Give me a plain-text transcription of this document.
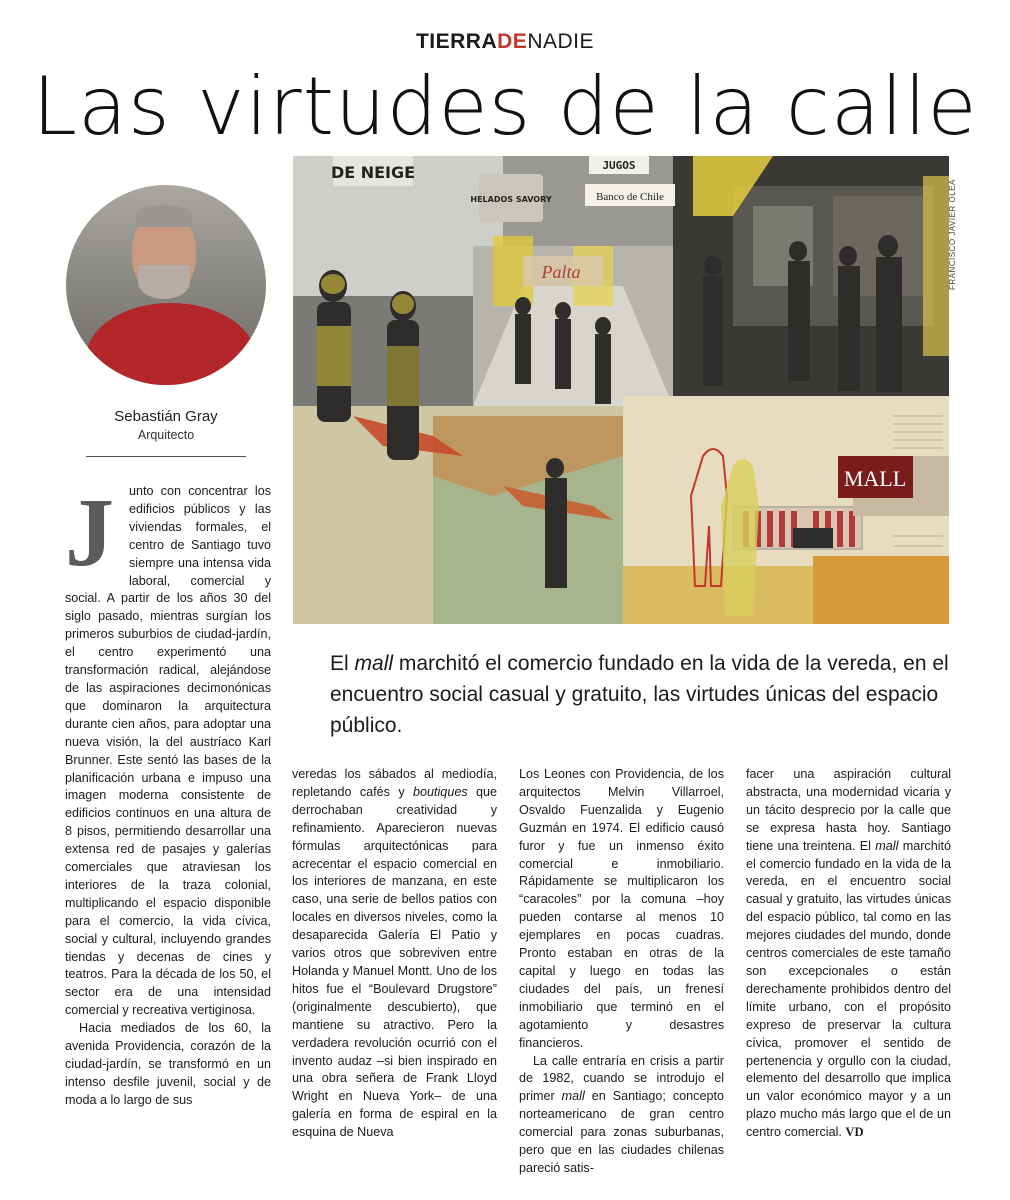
TIERRADENADIE
Las virtudes de la calle
Sebastián Gray
Arquitecto
MALL
DE NEIGE	JUGOS
HELADOS SAVORY	Banco de Chile
Palta	FRANCISCO JAVIER OLEA
El mall marchitó el comercio fundado en la vida de la vereda, en el encuentro social casual y gratuito, las virtudes únicas del espacio público.

J	unto con concentrar los edificios públicos y las viviendas formales, el centro de Santiago tuvo siempre una intensa vida laboral, comercial y social. A partir de los años 30 del siglo pasado, mientras surgían los primeros suburbios de ciudad-jardín, el centro experimentó una transformación radical, alejándose de las aspiraciones decimonónicas que dominaron la arquitectura durante cien años, para adoptar una nueva visión, la del austríaco Karl Brunner. Este sentó las bases de la planificación urbana e impuso una imagen moderna consistente de edificios continuos en una altura de 8 pisos, permitiendo desarrollar una extensa red de pasajes y galerías comerciales que atraviesan los interiores de la traza colonial, multiplicando el espacio disponible para el comercio, la vida cívica, social y cultural, incluyendo grandes tiendas y decenas de cines y teatros. Para la década de los 50, el sector era de una intensidad comercial y recreativa vertiginosa.

Hacia mediados de los 60, la avenida Providencia, corazón de la ciudad-jardín, se transformó en un intenso desfile juvenil, social y de moda a lo largo de sus

veredas los sábados al mediodía, repletando cafés y boutiques que derrochaban creatividad y refinamiento. Aparecieron nuevas fórmulas arquitectónicas para acrecentar el espacio comercial en los interiores de manzana, en este caso, una serie de bellos patios con locales en diversos niveles, como la desaparecida Galería El Patio y varios otros que sobreviven entre Holanda y Manuel Montt. Uno de los hitos fue el “Boulevard Drugstore” (originalmente descubierto), que mantiene su atractivo. Pero la verdadera revolución ocurrió con el invento audaz –si bien inspirado en una obra señera de Frank Lloyd Wright en Nueva York– de una galería en forma de espiral en la esquina de Nueva

Los Leones con Providencia, de los arquitectos Melvin Villarroel, Osvaldo Fuenzalida y Eugenio Guzmán en 1974. El edificio causó furor y fue un inmenso éxito comercial e inmobiliario. Rápidamente se multiplicaron los “caracoles” por la comuna –hoy pueden contarse al menos 10 ejemplares en pocas cuadras. Pronto estaban en otras de la capital y luego en todas las ciudades del país, un frenesí inmobiliario que terminó en el agotamiento y desastres financieros.

La calle entraría en crisis a partir de 1982, cuando se introdujo el primer mall en Santiago; concepto norteamericano de gran centro comercial para zonas suburbanas, pero que en las ciudades chilenas pareció satis-

facer una aspiración cultural abstracta, una modernidad vicaria y un tácito desprecio por la calle que se expresa hasta hoy. Santiago tiene una treintena. El mall marchitó el comercio fundado en la vida de la vereda, en el encuentro social casual y gratuito, las virtudes únicas del espacio público, tal como en las mejores ciudades del mundo, donde centros comerciales de este tamaño son excepcionales o están derechamente prohibidos dentro del límite urbano, con el propósito expreso de preservar la cultura cívica, promover el sentido de pertenencia y orgullo con la ciudad, elemento del desarrollo que implica un valor económico mayor y a un plazo mucho más largo que el de un centro comercial. VD
